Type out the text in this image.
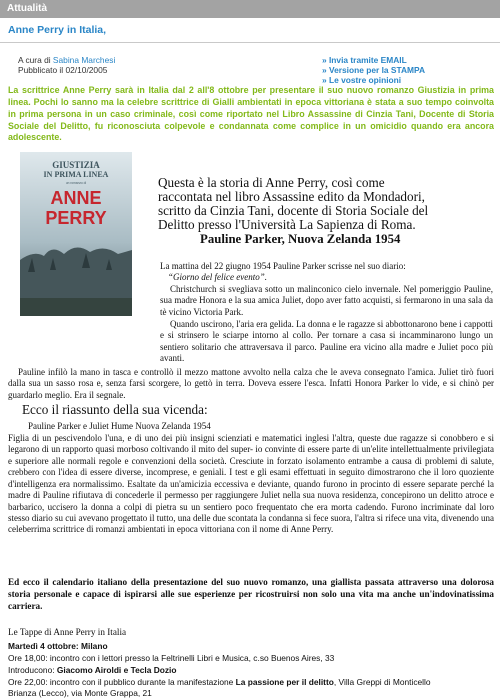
Attualità
Anne Perry in Italia,
A cura di Sabina Marchesi
Pubblicato il 02/10/2005
» Invia tramite EMAIL
» Versione per la STAMPA
» Le vostre opinioni
La scrittrice Anne Perry sarà in Italia dal 2 all'8 ottobre per presentare il suo nuovo romanzo Giustizia in prima linea. Pochi lo sanno ma la celebre scrittrice di Gialli ambientati in epoca vittoriana è stata a suo tempo coinvolta in prima persona in un caso criminale, così come riportato nel Libro Assassine di Cinzia Tani, Docente di Storia Sociale del Delitto, fu riconosciuta colpevole e condannata come complice in un omicidio quando era ancora adolescente.
GIUSTIZIA
IN PRIMA LINEA
un romanzo di
ANNE
PERRY
Questa è la storia di Anne Perry, così come
raccontata nel libro Assassine edito da Mondadori,
scritto da Cinzia Tani, docente di Storia Sociale del
Delitto presso l'Università La Sapienza di Roma.
Pauline Parker, Nuova Zelanda 1954
La mattina del 22 giugno 1954 Pauline Parker scrisse nel suo diario:
“Giorno del felice evento”.
Christchurch si svegliava sotto un malinconico cielo invernale. Nel pomeriggio Pauline, sua madre Honora e la sua amica Juliet, dopo aver fatto acquisti, si fermarono in una sala da tè vicino Victoria Park.
Quando uscirono, l'aria era gelida. La donna e le ragazze si abbottonarono bene i cappotti e si strinsero le sciarpe intorno al collo. Per tornare a casa si incamminarono lungo un sentiero solitario che attraversava il parco. Pauline era vicino alla madre e Juliet poco più avanti.
Pauline infilò la mano in tasca e controllò il mezzo mattone avvolto nella calza che le aveva consegnato l'amica. Juliet tirò fuori dalla sua un sasso rosa e, senza farsi scorgere, lo gettò in terra. Doveva essere l'esca. Infatti Honora Parker lo vide, e si chinò per guardarlo meglio. Era il segnale.
Ecco il riassunto della sua vicenda:
Pauline Parker e Juliet Hume Nuova Zelanda 1954
Figlia di un pescivendolo l'una, e di uno dei più insigni scienziati e matematici inglesi l'altra, queste due ragazze si conobbero e si legarono di un rapporto quasi morboso coltivando il mito del super- io convinte di essere parte di un'elite intellettualmente privilegiata e superiore alle normali regole e convenzioni della società. Cresciute in forzato isolamento entrambe a causa di problemi di salute, crebbero con l'idea di essere diverse, incomprese, e geniali. I test e gli esami effettuati in seguito dimostrarono che il loro quoziente d'intelligenza era normalissimo. Esaltate da un'amicizia eccessiva e deviante, quando furono in procinto di essere separate perché la madre di Pauline rifiutava di concederle il permesso per raggiungere Juliet nella sua nuova residenza, concepirono un delitto atroce e barbarico, uccisero la donna a colpi di pietra su un sentiero poco frequentato che era morta cadendo. Furono incriminate dal loro stesso diario su cui avevano progettato il tutto, una delle due scontata la condanna si fece suora, l'altra si rifece una vita, divenendo una celeberrima scrittrice di romanzi ambientati in epoca vittoriana con il nome di Anne Perry.
Ed ecco il calendario italiano della presentazione del suo nuovo romanzo, una giallista passata attraverso una dolorosa storia personale e capace di ispirarsi alle sue esperienze per ricostruirsi non solo una vita ma anche un'indovinatissima carriera.
Le Tappe di Anne Perry in Italia
Martedì 4 ottobre: Milano
Ore 18,00: incontro con i lettori presso la Feltrinelli Libri e Musica, c.so Buenos Aires, 33
Introducono: Giacomo Airoldi e Tecla Dozio
Ore 22,00: incontro con il pubblico durante la manifestazione La passione per il delitto, Villa Greppi di Monticello
Brianza (Lecco), via Monte Grappa, 21
